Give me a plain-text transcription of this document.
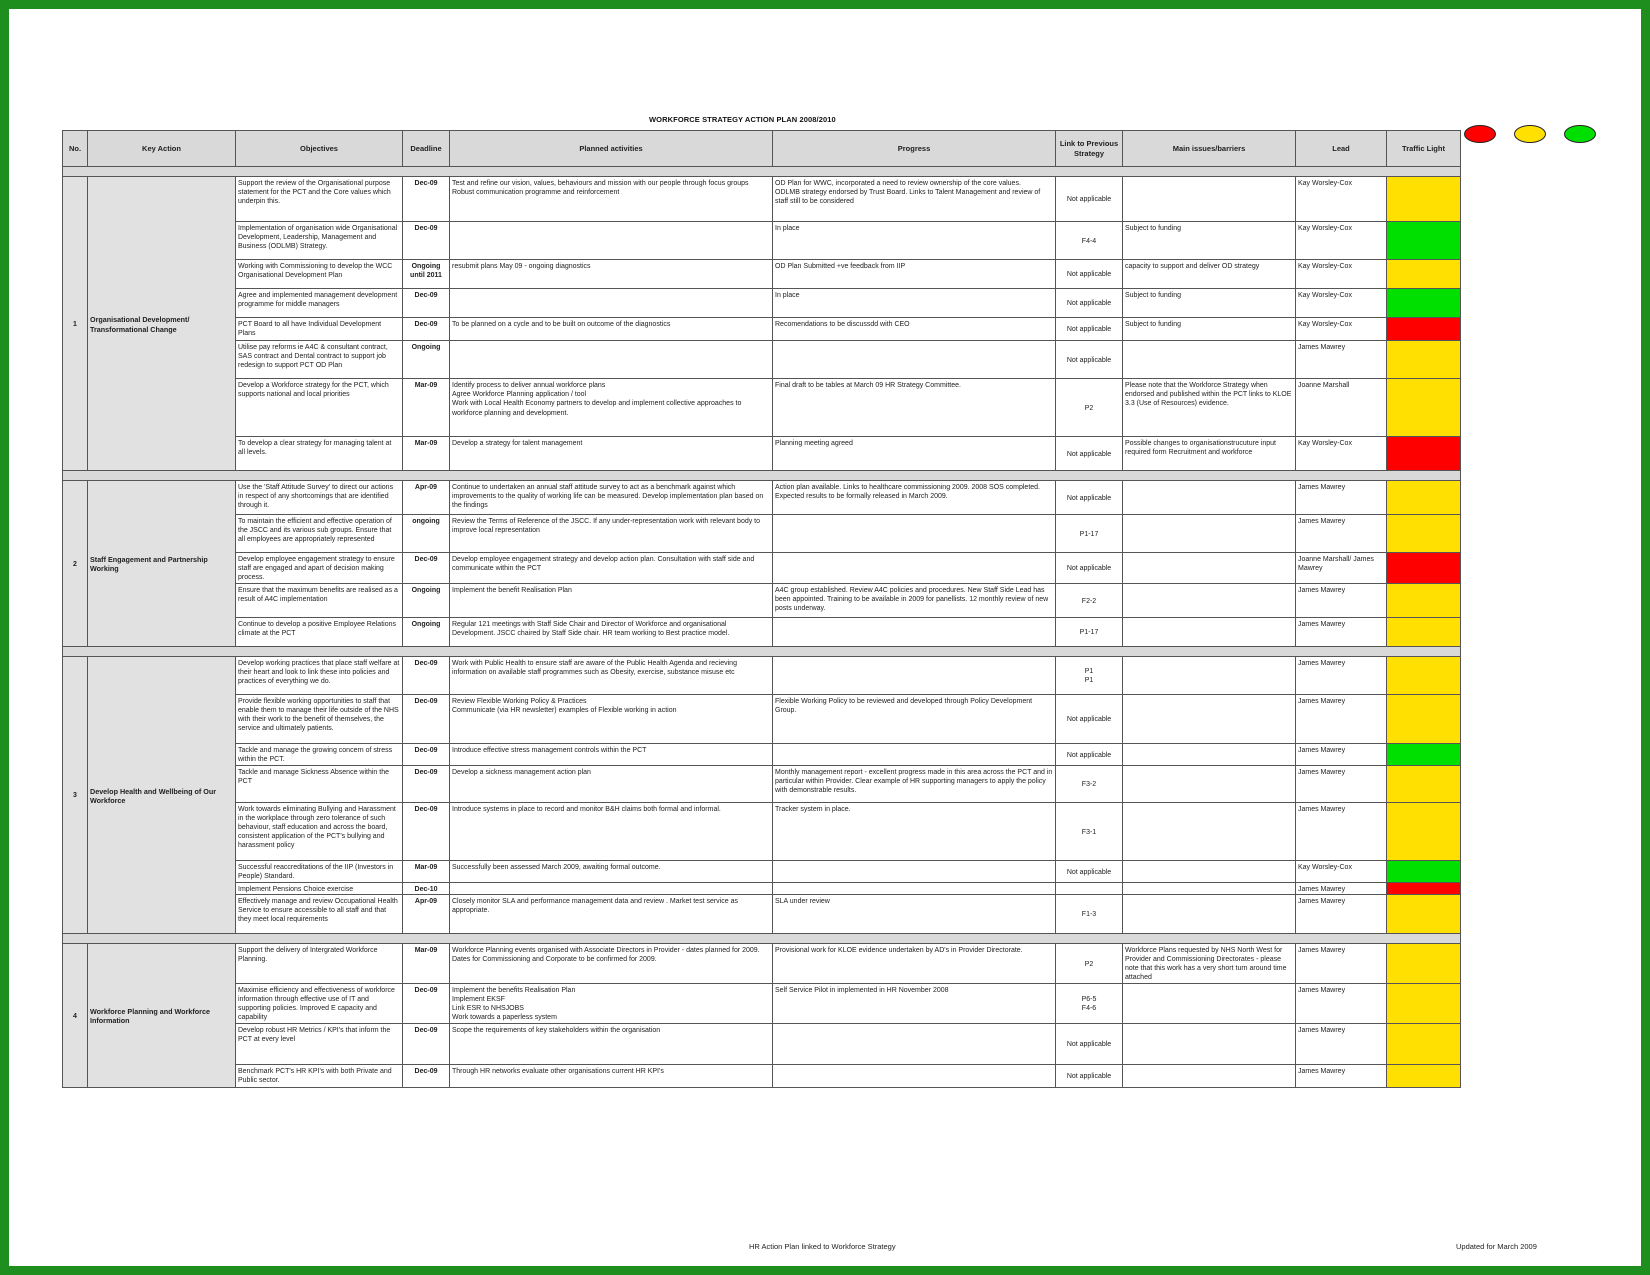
WORKFORCE STRATEGY ACTION PLAN 2008/2010
No.	Key Action	Objectives	Deadline	Planned activities	Progress	Link to Previous Strategy	Main issues/barriers	Lead	Traffic Light

1	Organisational Development/ Transformational Change	Support the review of the Organisational purpose statement for the PCT and the Core values which underpin this.	Dec-09	Test and refine our vision, values, behaviours and mission with our people through focus groups
Robust communication programme and reinforcement	OD Plan for WWC, incorporated a need to review ownership of the core values.
ODLMB strategy endorsed by Trust Board. Links to Talent Management and review of staff still to be considered	Not applicable		Kay Worsley-Cox	
		Implementation of organisation wide Organisational Development, Leadership, Management and Business (ODLMB) Strategy.	Dec-09		In place	F4-4	Subject to funding	Kay Worsley-Cox	
		Working with Commissioning to develop the WCC Organisational Development Plan	Ongoing until 2011	resubmit plans May 09 - ongoing diagnostics	OD Plan Submitted +ve feedback from IIP	Not applicable	capacity to support and deliver OD strategy	Kay Worsley-Cox	
		Agree and implemented management development programme for middle managers	Dec-09		In place	Not applicable	Subject to funding	Kay Worsley-Cox	
		PCT Board to all have Individual Development Plans	Dec-09	To be planned on a cycle and to be built on outcome of the diagnostics	Recomendations to be discussdd with CEO	Not applicable	Subject to funding	Kay Worsley-Cox	
		Utilise pay reforms ie A4C & consultant contract, SAS contract and Dental contract to support job redesign to support PCT OD Plan	Ongoing			Not applicable		James Mawrey	
		Develop a Workforce strategy for the PCT, which supports national and local priorities	Mar-09	Identify process to deliver annual workforce plans
Agree Workforce Planning application / tool
Work with Local Health Economy partners to develop and implement collective approaches to workforce planning and development.	Final draft to be tables at March 09 HR Strategy Committee.	P2	Please note that the Workforce Strategy when endorsed and published within the PCT links to KLOE 3.3 (Use of Resources) evidence.	Joanne Marshall	
		To develop a clear strategy for managing talent at all levels.	Mar-09	Develop a strategy for talent management	Planning meeting agreed	Not applicable	Possible changes to organisationstrucuture input required form Recruitment and workforce	Kay Worsley-Cox	

2	Staff Engagement and Partnership Working	Use the 'Staff Attitude Survey' to direct our actions in respect of any shortcomings that are identified through it.	Apr-09	Continue to undertaken an annual staff attitude survey to act as a benchmark against which improvements to the quality of working life can be measured. Develop implementation plan based on the findings	Action plan available. Links to healthcare commissioning 2009. 2008 SOS completed. Expected results to be formally released in March 2009.	Not applicable		James Mawrey	
		To maintain the efficient and effective operation of the JSCC and its various sub groups. Ensure that all employees are appropriately represented	ongoing	Review the Terms of Reference of the JSCC. If any under-representation work with relevant body to improve local representation		P1-17		James Mawrey	
		Develop employee engagement strategy to ensure staff are engaged and apart of decision making process.	Dec-09	Develop employee engagement strategy and develop action plan. Consultation with staff side and communicate within the PCT		Not applicable		Joanne Marshall/ James Mawrey	
		Ensure that the maximum benefits are realised as a result of A4C implementation	Ongoing	Implement the benefit Realisation Plan	A4C group established. Review A4C policies and procedures. New Staff Side Lead has been appointed. Training to be available in 2009 for panellists. 12 monthly review of new posts underway.	F2-2		James Mawrey	
		Continue to develop a positive Employee Relations climate at the PCT	Ongoing	Regular 121 meetings with Staff Side Chair and Director of Workforce and organisational Development. JSCC chaired by Staff Side chair. HR team working to Best practice model.		P1-17		James Mawrey	

3	Develop Health and Wellbeing of Our Workforce	Develop working practices that place staff welfare at their heart and look to link these into policies and practices of everything we do.	Dec-09	Work with Public Health to ensure staff are aware of the Public Health Agenda and recieving information on available staff programmes such as Obesity, exercise, substance misuse etc		P1
P1		James Mawrey	
		Provide flexible working opportunities to staff that enable them to manage their life outside of the NHS with their work to the benefit of themselves, the service and ultimately patients.	Dec-09	Review Flexible Working Policy & Practices
Communicate (via HR newsletter) examples of Flexible working in action	Flexible Working Policy to be reviewed and developed through Policy Development Group.	Not applicable		James Mawrey	
		Tackle and manage the growing concern of stress within the PCT.	Dec-09	Introduce effective stress management controls within the PCT		Not applicable		James Mawrey	
		Tackle and manage Sickness Absence within the PCT	Dec-09	Develop a sickness management action plan	Monthly management report - excellent progress made in this area across the PCT and in particular within Provider. Clear example of HR supporting managers to apply the policy with demonstrable results.	F3-2		James Mawrey	
		Work towards eliminating Bullying and Harassment in the workplace through zero tolerance of such behaviour, staff education and across the board, consistent application of the PCT's bullying and harassment policy	Dec-09	Introduce systems in place to record and monitor B&H claims both formal and informal.	Tracker system in place.	F3-1		James Mawrey	
		Successful reaccreditations of the IIP (Investors in People) Standard.	Mar-09	Successfully been assessed March 2009, awaiting formal outcome.		Not applicable		Kay Worsley-Cox	
		Implement Pensions Choice exercise	Dec-10					James Mawrey	
		Effectively manage and review Occupational Health Service to ensure accessible to all staff and that they meet local requirements	Apr-09	Closely monitor SLA and performance management data and review . Market test service as appropriate.	SLA under review	F1-3		James Mawrey	

4	Workforce Planning and Workforce Information	Support the delivery of Intergrated Workforce Planning.	Mar-09	Workforce Planning events organised with Associate Directors in Provider - dates planned for 2009. Dates for Commissioning and Corporate to be confirmed for 2009.	Provisional work for KLOE evidence undertaken by AD's in Provider Directorate.	P2	Workforce Plans requested by NHS North West for Provider and Commissioning Directorates - please note that this work has a very short turn around time attached	James Mawrey	
		Maximise efficiency and effectiveness of workforce information through effective use of IT and supporting policies. Improved E capacity and capability	Dec-09	Implement the benefits Realisation Plan
Implement EKSF
Link ESR to NHSJOBS
Work towards a paperless system	Self Service Pilot in implemented in HR November 2008	P6-5
F4-6		James Mawrey	
		Develop robust HR Metrics / KPI's that inform the PCT at every level	Dec-09	Scope the requirements of key stakeholders within the organisation		Not applicable		James Mawrey	
		Benchmark PCT's HR KPI's with both Private and Public sector.	Dec-09	Through HR networks evaluate other organisations current HR KPI's		Not applicable		James Mawrey	
HR Action Plan linked to Workforce Strategy	Updated for March 2009
